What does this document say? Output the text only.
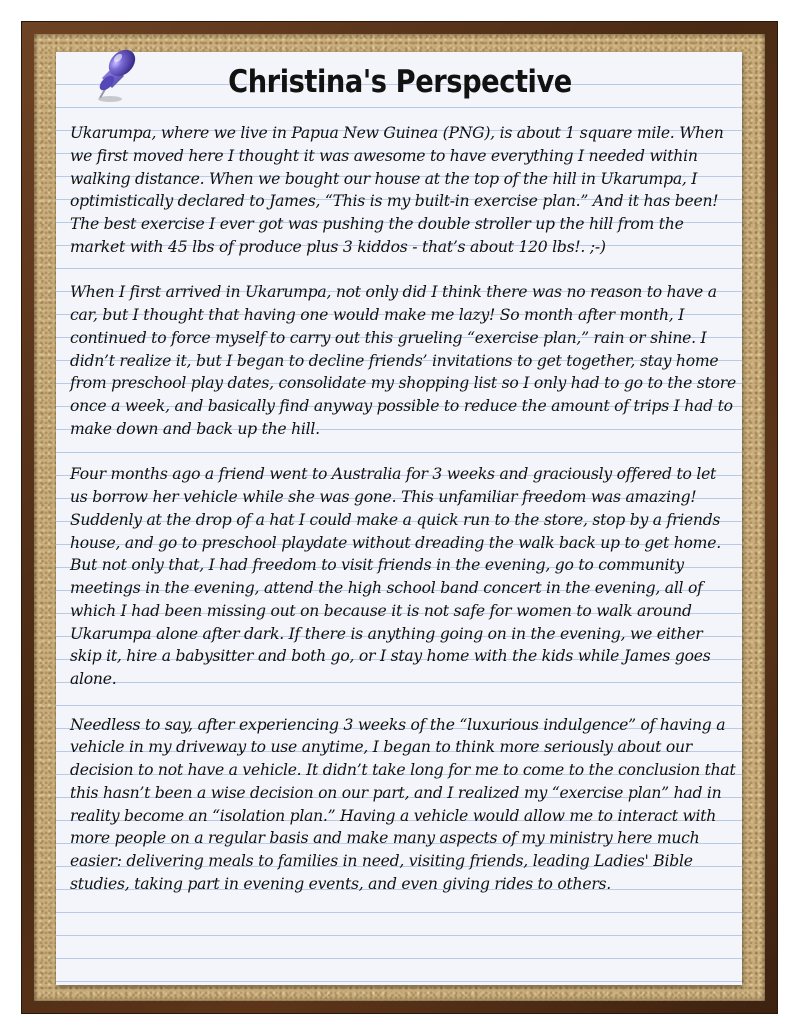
Christina's Perspective

Ukarumpa, where we live in Papua New Guinea (PNG), is about 1 square mile. When we first moved here I thought it was awesome to have everything I needed within walking distance. When we bought our house at the top of the hill in Ukarumpa, I optimistically declared to James, “This is my built-in exercise plan.” And it has been! The best exercise I ever got was pushing the double stroller up the hill from the market with 45 lbs of produce plus 3 kiddos - that’s about 120 lbs!. ;-)

When I first arrived in Ukarumpa, not only did I think there was no reason to have a car, but I thought that having one would make me lazy! So month after month, I continued to force myself to carry out this grueling “exercise plan,” rain or shine. I didn’t realize it, but I began to decline friends’ invitations to get together, stay home from preschool play dates, consolidate my shopping list so I only had to go to the store once a week, and basically find anyway possible to reduce the amount of trips I had to make down and back up the hill.

Four months ago a friend went to Australia for 3 weeks and graciously offered to let us borrow her vehicle while she was gone. This unfamiliar freedom was amazing! Suddenly at the drop of a hat I could make a quick run to the store, stop by a friends house, and go to preschool playdate without dreading the walk back up to get home. But not only that, I had freedom to visit friends in the evening, go to community meetings in the evening, attend the high school band concert in the evening, all of which I had been missing out on because it is not safe for women to walk around Ukarumpa alone after dark. If there is anything going on in the evening, we either skip it, hire a babysitter and both go, or I stay home with the kids while James goes alone.

Needless to say, after experiencing 3 weeks of the “luxurious indulgence” of having a vehicle in my driveway to use anytime, I began to think more seriously about our decision to not have a vehicle. It didn’t take long for me to come to the conclusion that this hasn’t been a wise decision on our part, and I realized my “exercise plan” had in reality become an “isolation plan.” Having a vehicle would allow me to interact with more people on a regular basis and make many aspects of my ministry here much easier: delivering meals to families in need, visiting friends, leading Ladies' Bible studies, taking part in evening events, and even giving rides to others.
